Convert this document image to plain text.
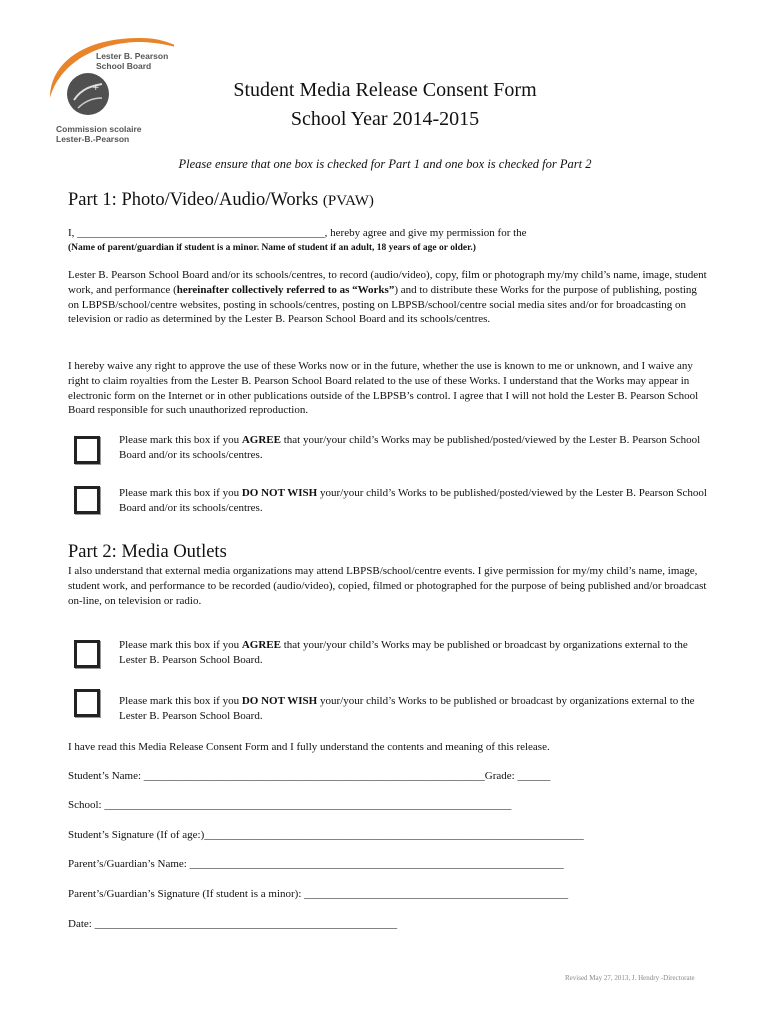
+
Lester B. Pearson
School Board
Commission scolaire
Lester-B.-Pearson
Student Media Release Consent Form
School Year 2014-2015
Please ensure that one box is checked for Part 1 and one box is checked for Part 2
Part 1: Photo/Video/Audio/Works (PVAW)
I, _____________________________________________, hereby agree and give my permission for the
(Name of parent/guardian if student is a minor. Name of student if an adult, 18 years of age or older.)
Lester B. Pearson School Board and/or its schools/centres, to record (audio/video), copy, film or photograph my/my child’s name, image, student work, and performance (hereinafter collectively referred to as “Works”) and to distribute these Works for the purpose of publishing, posting on LBPSB/school/centre websites, posting in schools/centres, posting on LBPSB/school/centre social media sites and/or for broadcasting on television or radio as determined by the Lester B. Pearson School Board and its schools/centres.
I hereby waive any right to approve the use of these Works now or in the future, whether the use is known to me or unknown, and I waive any right to claim royalties from the Lester B. Pearson School Board related to the use of these Works. I understand that the Works may appear in electronic form on the Internet or in other publications outside of the LBPSB’s control. I agree that I will not hold the Lester B. Pearson School Board responsible for such unauthorized reproduction.
Please mark this box if you AGREE that your/your child’s Works may be published/posted/viewed by the Lester B. Pearson School Board and/or its schools/centres.
Please mark this box if you DO NOT WISH your/your child’s Works to be published/posted/viewed by the Lester B. Pearson School Board and/or its schools/centres.
Part 2: Media Outlets
I also understand that external media organizations may attend LBPSB/school/centre events. I give permission for my/my child’s name, image, student work, and performance to be recorded (audio/video), copied, filmed or photographed for the purpose of being published and/or broadcast on-line, on television or radio.
Please mark this box if you AGREE that your/your child’s Works may be published or broadcast by organizations external to the Lester B. Pearson School Board.
Please mark this box if you DO NOT WISH your/your child’s Works to be published or broadcast by organizations external to the Lester B. Pearson School Board.
I have read this Media Release Consent Form and I fully understand the contents and meaning of this release.
Student’s Name: ______________________________________________________________Grade: ______
School: __________________________________________________________________________
Student’s Signature (If of age:)_____________________________________________________________________
Parent’s/Guardian’s Name: ____________________________________________________________________
Parent’s/Guardian’s Signature (If student is a minor): ________________________________________________
Date: _______________________________________________________
Revised May 27, 2013, J. Hendry -Directorate
